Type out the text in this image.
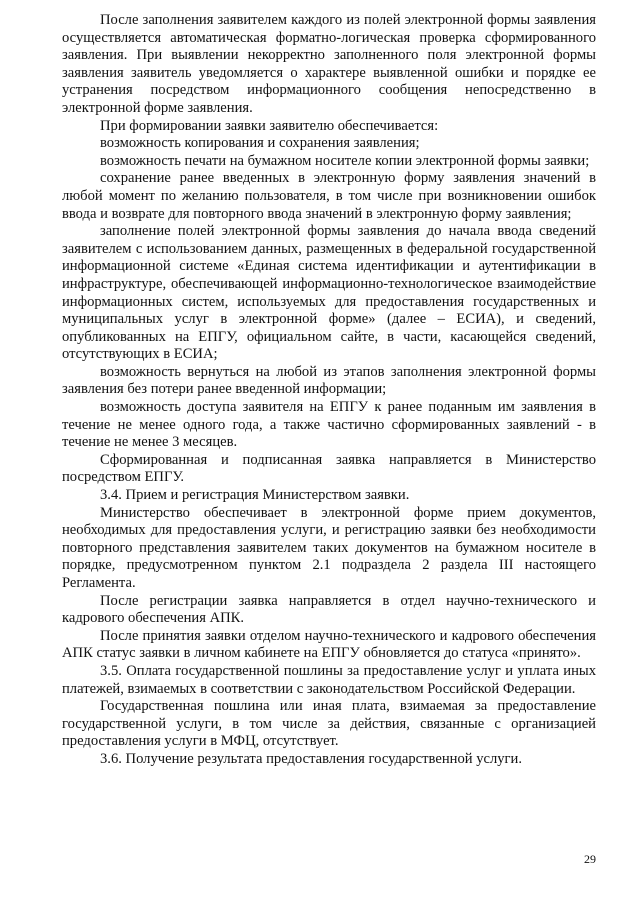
После заполнения заявителем каждого из полей электронной формы заявления осуществляется автоматическая форматно-логическая проверка сформированного заявления. При выявлении некорректно заполненного поля электронной формы заявления заявитель уведомляется о характере выявленной ошибки и порядке ее устранения посредством информационного сообщения непосредственно в электронной форме заявления.

При формировании заявки заявителю обеспечивается:

возможность копирования и сохранения заявления;

возможность печати на бумажном носителе копии электронной формы заявки;

сохранение ранее введенных в электронную форму заявления значений в любой момент по желанию пользователя, в том числе при возникновении ошибок ввода и возврате для повторного ввода значений в электронную форму заявления;

заполнение полей электронной формы заявления до начала ввода сведений заявителем с использованием данных, размещенных в федеральной государственной информационной системе «Единая система идентификации и аутентификации в инфраструктуре, обеспечивающей информационно-технологическое взаимодействие информационных систем, используемых для предоставления государственных и муниципальных услуг в электронной форме» (далее – ЕСИА), и сведений, опубликованных на ЕПГУ, официальном сайте, в части, касающейся сведений, отсутствующих в ЕСИА;

возможность вернуться на любой из этапов заполнения электронной формы заявления без потери ранее введенной информации;

возможность доступа заявителя на ЕПГУ к ранее поданным им заявления в течение не менее одного года, а также частично сформированных заявлений - в течение не менее 3 месяцев.

Сформированная и подписанная заявка направляется в Министерство посредством ЕПГУ.

3.4. Прием и регистрация Министерством заявки.

Министерство обеспечивает в электронной форме прием документов, необходимых для предоставления услуги, и регистрацию заявки без необходимости повторного представления заявителем таких документов на бумажном носителе в порядке, предусмотренном пунктом 2.1 подраздела 2 раздела III настоящего Регламента.

После регистрации заявка направляется в отдел научно-технического и кадрового обеспечения АПК.

После принятия заявки отделом научно-технического и кадрового обеспечения АПК статус заявки в личном кабинете на ЕПГУ обновляется до статуса «принято».

3.5. Оплата государственной пошлины за предоставление услуг и уплата иных платежей, взимаемых в соответствии с законодательством Российской Федерации.

Государственная пошлина или иная плата, взимаемая за предоставление государственной услуги, в том числе за действия, связанные с организацией предоставления услуги в МФЦ, отсутствует.

3.6. Получение результата предоставления государственной услуги.

29
